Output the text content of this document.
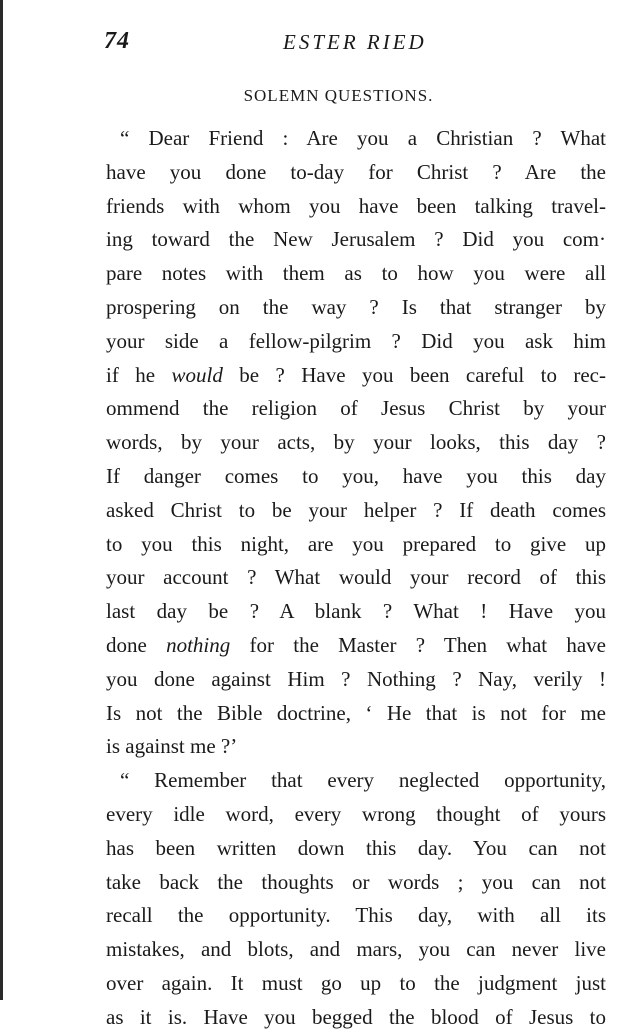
74	ESTER RIED
SOLEMN QUESTIONS.
“ Dear Friend : Are you a Christian ? What
have you done to-day for Christ ? Are the
friends with whom you have been talking travel-
ing toward the New Jerusalem ? Did you com·
pare notes with them as to how you were all
prospering on the way ? Is that stranger by
your side a fellow-pilgrim ? Did you ask him
if he would be ? Have you been careful to rec-
ommend the religion of Jesus Christ by your
words, by your acts, by your looks, this day ?
If danger comes to you, have you this day
asked Christ to be your helper ? If death comes
to you this night, are you prepared to give up
your account ? What would your record of this
last day be ? A blank ? What ! Have you
done nothing for the Master ? Then what have
you done against Him ? Nothing ? Nay, verily !
Is not the Bible doctrine, ‘ He that is not for me
is against me ?’
“ Remember that every neglected opportunity,
every idle word, every wrong thought of yours
has been written down this day. You can not
take back the thoughts or words ; you can not
recall the opportunity. This day, with all its
mistakes, and blots, and mars, you can never live
over again. It must go up to the judgment just
as it is. Have you begged the blood of Jesus to
